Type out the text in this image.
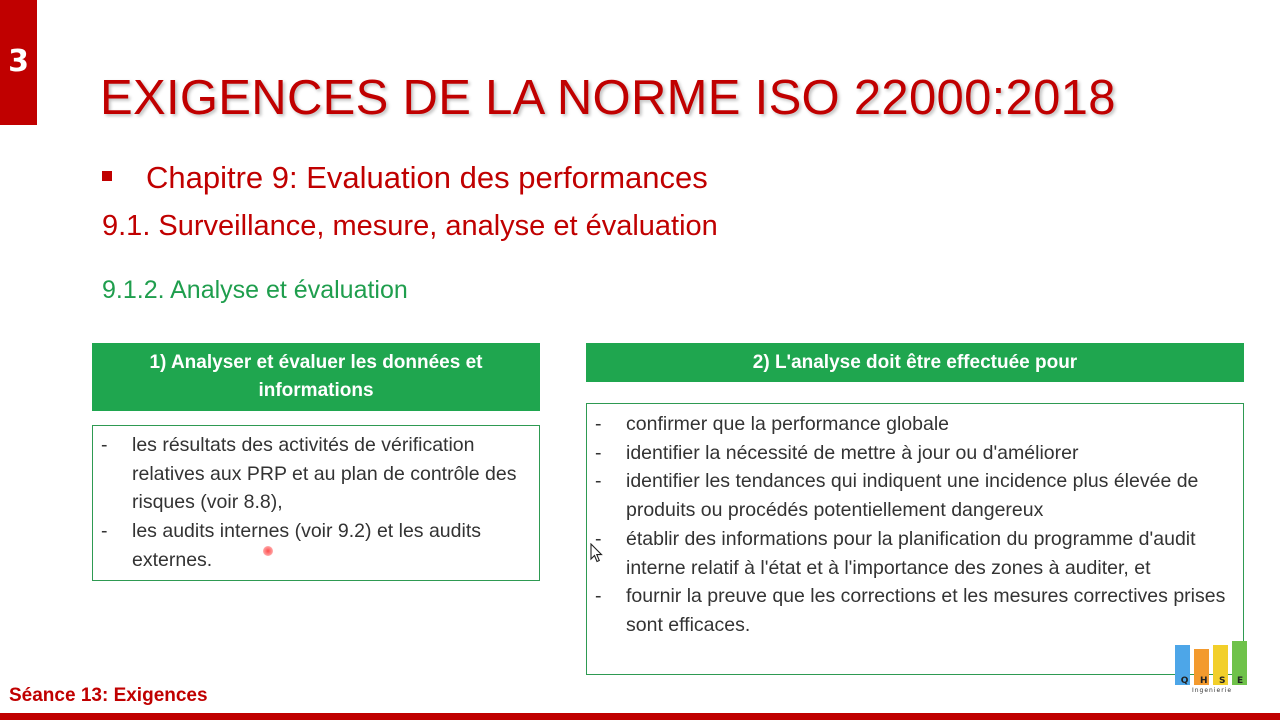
3
EXIGENCES DE LA NORME ISO 22000:2018
Chapitre 9: Evaluation des performances
9.1. Surveillance, mesure, analyse et évaluation
9.1.2. Analyse et évaluation
1) Analyser et évaluer les données et informations
- les résultats des activités de vérification relatives aux PRP et au plan de contrôle des risques (voir 8.8),
- les audits internes (voir 9.2) et les audits externes.
2) L'analyse doit être effectuée pour
- confirmer que la performance globale
- identifier la nécessité de mettre à jour ou d'améliorer
- identifier les tendances qui indiquent une incidence plus élevée de produits ou procédés potentiellement dangereux
- établir des informations pour la planification du programme d'audit interne relatif à l'état et à l'importance des zones à auditer, et
- fournir la preuve que les corrections et les mesures correctives prises sont efficaces.
Q H S E
Ingenierie
Séance 13: Exigences
